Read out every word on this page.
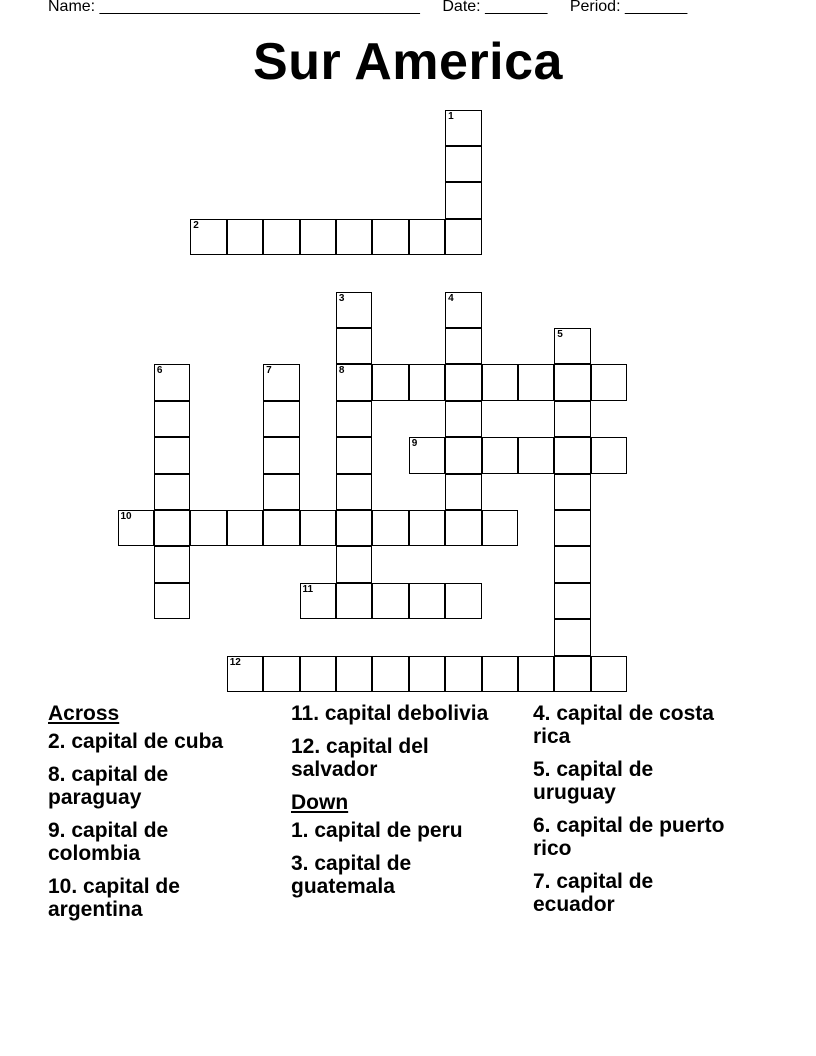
Name: ____________________________________ Date: _______ Period: _______
Sur America
1
2
3
8
4
5
6	7
9
10
11
12
Across
2. capital de cuba
8. capital de paraguay
9. capital de colombia
10. capital de argentina
11. capital debolivia
12. capital del salvador
Down
1. capital de peru
3. capital de guatemala
4. capital de costa rica
5. capital de uruguay
6. capital de puerto rico
7. capital de ecuador
